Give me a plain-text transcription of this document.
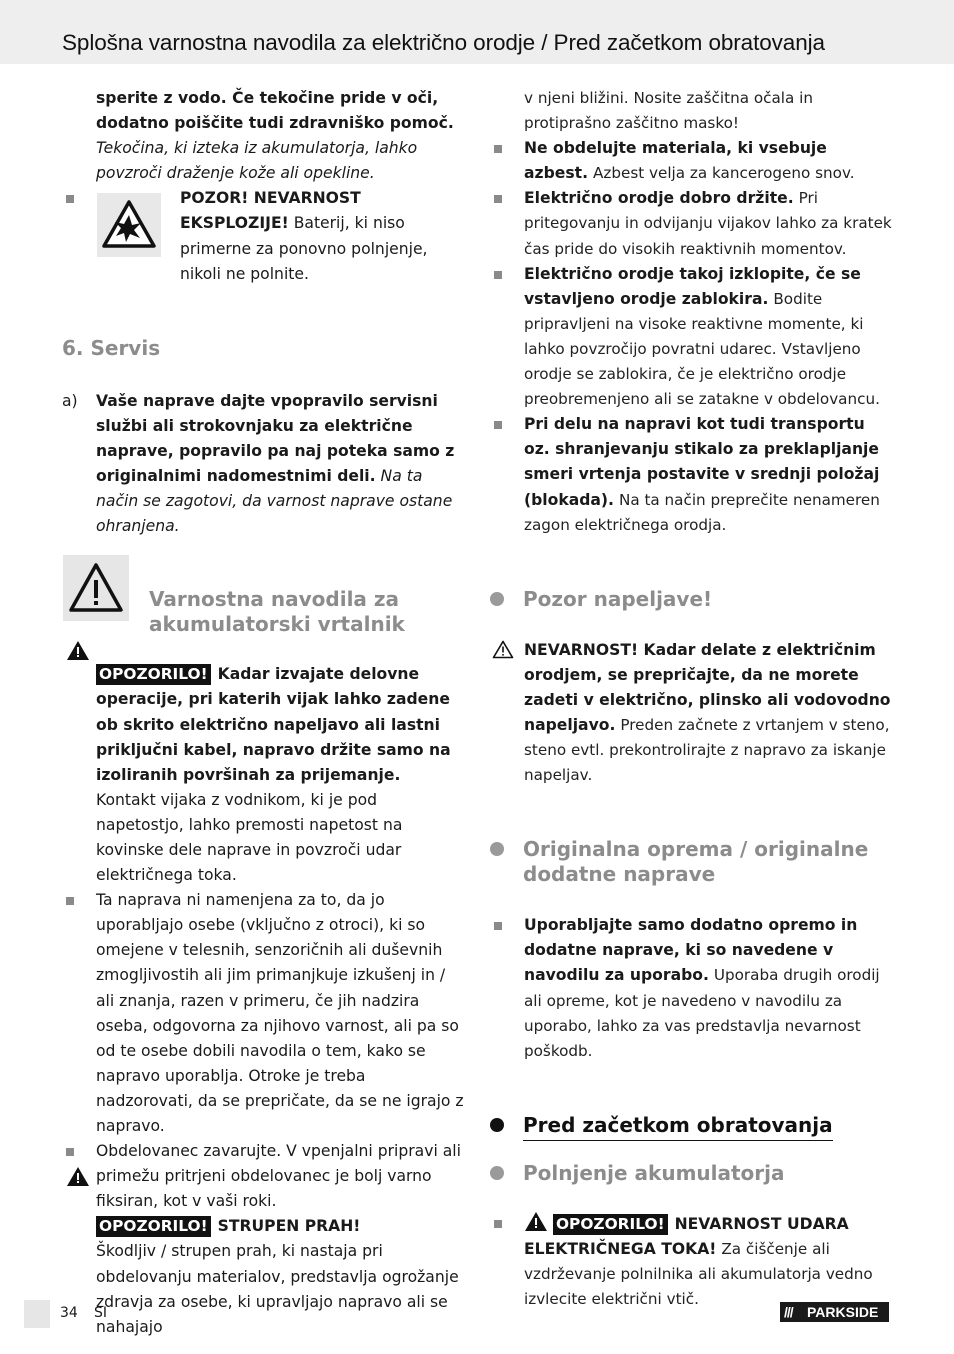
Splošna varnostna navodila za električno orodje / Pred začetkom obratovanja

sperite z vodo. Če tekočine pride v oči, dodatno poiščite tudi zdravniško pomoč. Tekočina, ki izteka iz akumulatorja, lahko povzroči draženje kože ali opekline.

POZOR! NEVARNOST EKSPLOZIJE! Baterij, ki niso primerne za ponovno polnjenje, nikoli ne polnite.
6. Servis
a) Vaše naprave dajte vpopravilo servisni službi ali strokovnjaku za električne naprave, popravilo pa naj poteka samo z originalnimi nadomestnimi deli. Na ta način se zagotovi, da varnost naprave ostane ohranjena.
Varnostna navodila za akumulatorski vrtalnik

OPOZORILO! Kadar izvajate delovne operacije, pri katerih vijak lahko zadene ob skrito električno napeljavo ali lastni priključni kabel, napravo držite samo na izoliranih površinah za prijemanje. Kontakt vijaka z vodnikom, ki je pod napetostjo, lahko premosti napetost na kovinske dele naprave in povzroči udar električnega toka.

Ta naprava ni namenjena za to, da jo uporabljajo osebe (vključno z otroci), ki so omejene v telesnih, senzoričnih ali duševnih zmogljivostih ali jim primanjkuje izkušenj in / ali znanja, razen v primeru, če jih nadzira oseba, odgovorna za njihovo varnost, ali pa so od te osebe dobili navodila o tem, kako se napravo uporablja. Otroke je treba nadzorovati, da se prepričate, da se ne igrajo z napravo.
Obdelovanec zavarujte. V vpenjalni pripravi ali primežu pritrjeni obdelovanec je bolj varno fiksiran, kot v vaši roki.

OPOZORILO! STRUPEN PRAH!
Škodljiv / strupen prah, ki nastaja pri obdelovanju materialov, predstavlja ogrožanje zdravja za osebe, ki upravljajo napravo ali se nahajajo

v njeni bližini. Nosite zaščitna očala in protiprašno zaščitno masko!

Ne obdelujte materiala, ki vsebuje azbest. Azbest velja za kancerogeno snov.
Električno orodje dobro držite. Pri pritegovanju in odvijanju vijakov lahko za kratek čas pride do visokih reaktivnih momentov.
Električno orodje takoj izklopite, če se vstavljeno orodje zablokira. Bodite pripravljeni na visoke reaktivne momente, ki lahko povzročijo povratni udarec. Vstavljeno orodje se zablokira, če je električno orodje preobremenjeno ali se zatakne v obdelovancu.
Pri delu na napravi kot tudi transportu oz. shranjevanju stikalo za preklapljanje smeri vrtenja postavite v srednji položaj (blokada). Na ta način preprečite nenameren zagon električnega orodja.
Pozor napeljave!
NEVARNOST! Kadar delate z električnim orodjem, se prepričajte, da ne morete zadeti v električno, plinsko ali vodovodno napeljavo. Preden začnete z vrtanjem v steno, steno evtl. prekontrolirajte z napravo za iskanje napeljav.
Originalna oprema / originalne dodatne naprave
Uporabljajte samo dodatno opremo in dodatne naprave, ki so navedene v navodilu za uporabo. Uporaba drugih orodij ali opreme, kot je navedeno v navodilu za uporabo, lahko za vas predstavlja nevarnost poškodb.
Pred začetkom obratovanja
Polnjenje akumulatorja
OPOZORILO! NEVARNOST UDARA ELEKTRIČNEGA TOKA! Za čiščenje ali vzdrževanje polnilnika ali akumulatorja vedno izvlecite električni vtič.
34 SI	/// PARKSIDE
